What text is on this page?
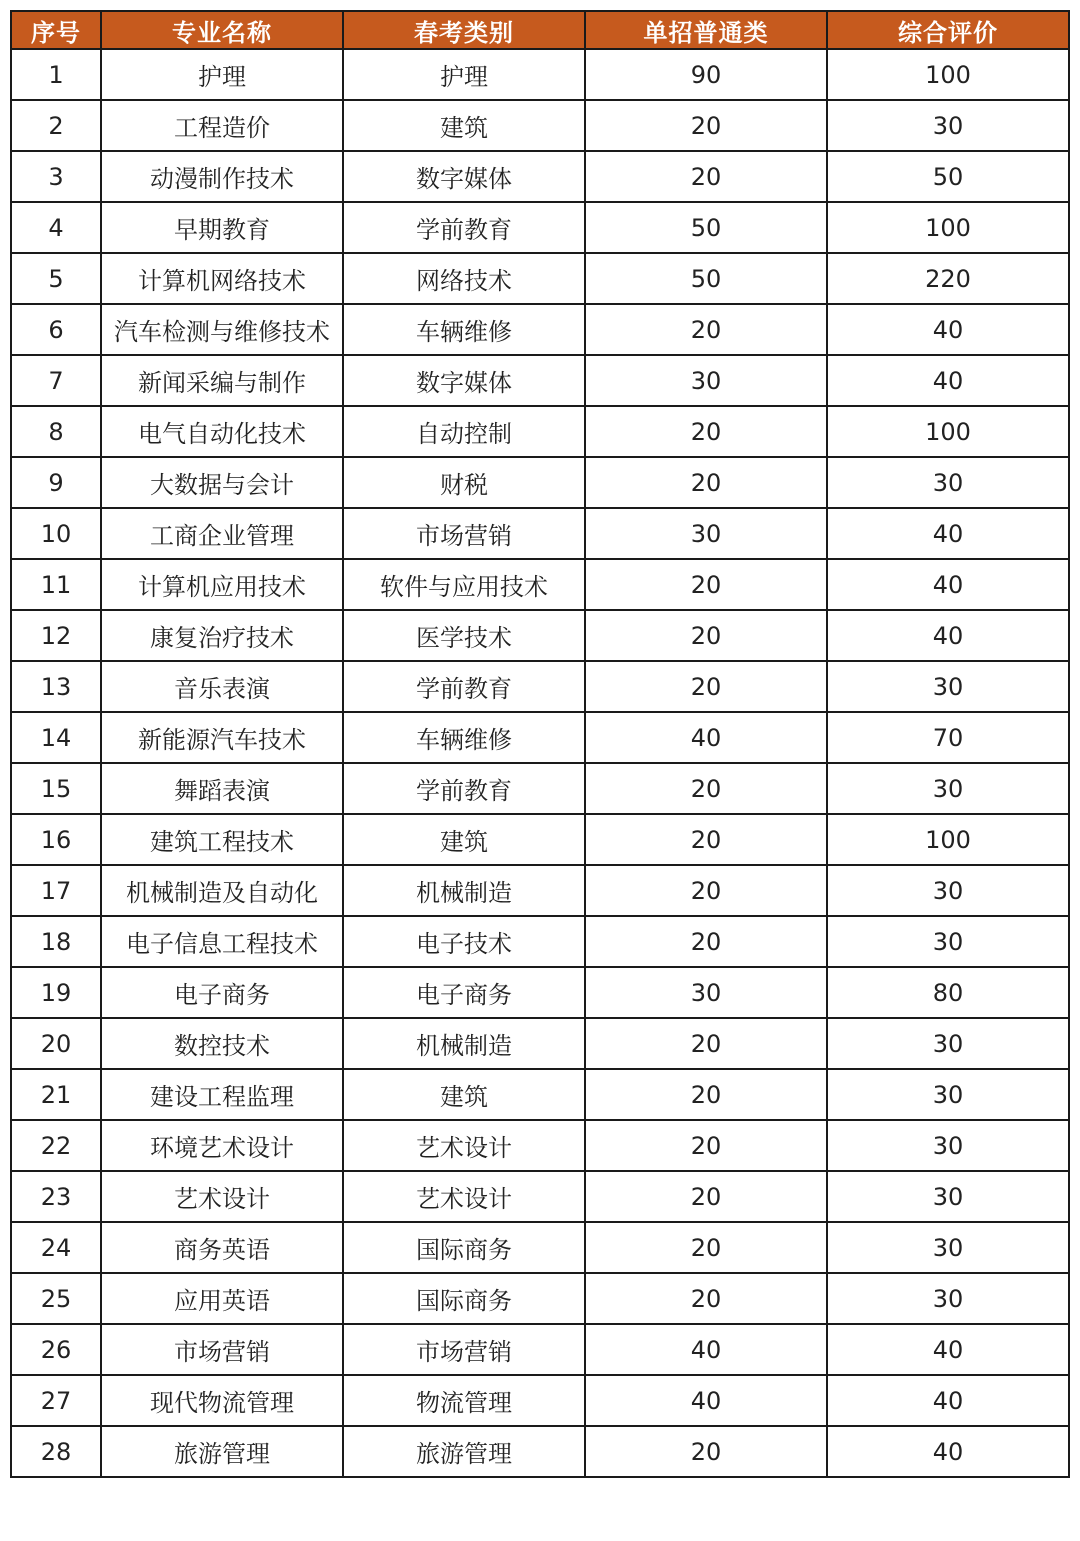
序号	专业名称	春考类别	单招普通类	综合评价
1	护理	护理	90	100
2	工程造价	建筑	20	30
3	动漫制作技术	数字媒体	20	50
4	早期教育	学前教育	50	100
5	计算机网络技术	网络技术	50	220
6	汽车检测与维修技术	车辆维修	20	40
7	新闻采编与制作	数字媒体	30	40
8	电气自动化技术	自动控制	20	100
9	大数据与会计	财税	20	30
10	工商企业管理	市场营销	30	40
11	计算机应用技术	软件与应用技术	20	40
12	康复治疗技术	医学技术	20	40
13	音乐表演	学前教育	20	30
14	新能源汽车技术	车辆维修	40	70
15	舞蹈表演	学前教育	20	30
16	建筑工程技术	建筑	20	100
17	机械制造及自动化	机械制造	20	30
18	电子信息工程技术	电子技术	20	30
19	电子商务	电子商务	30	80
20	数控技术	机械制造	20	30
21	建设工程监理	建筑	20	30
22	环境艺术设计	艺术设计	20	30
23	艺术设计	艺术设计	20	30
24	商务英语	国际商务	20	30
25	应用英语	国际商务	20	30
26	市场营销	市场营销	40	40
27	现代物流管理	物流管理	40	40
28	旅游管理	旅游管理	20	40
